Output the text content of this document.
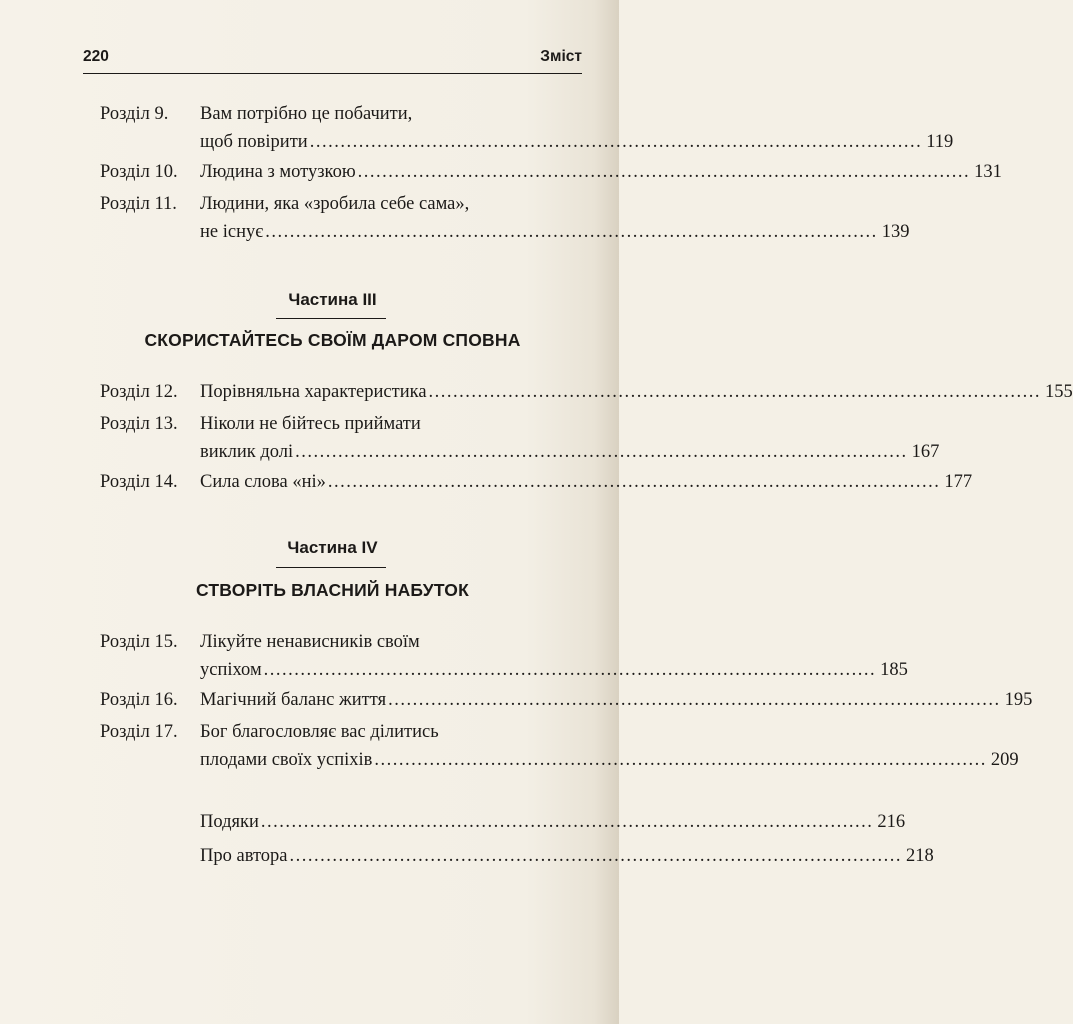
220	Зміст
Розділ 9. Вам потрібно це побачити,
щоб повірити .................................................................................................... 119
Розділ 10. Людина з мотузкою .................................................................................................... 131
Розділ 11. Людини, яка «зробила себе сама»,
не існує .................................................................................................... 139
Частина III
СКОРИСТАЙТЕСЬ СВОЇМ ДАРОМ СПОВНА
Розділ 12. Порівняльна характеристика .................................................................................................... 155
Розділ 13. Ніколи не бійтесь приймати
виклик долі .................................................................................................... 167
Розділ 14. Сила слова «ні» .................................................................................................... 177
Частина IV
СТВОРІТЬ ВЛАСНИЙ НАБУТОК
Розділ 15. Лікуйте ненависників своїм
успіхом .................................................................................................... 185
Розділ 16. Магічний баланс життя .................................................................................................... 195
Розділ 17. Бог благословляє вас ділитись
плодами своїх успіхів .................................................................................................... 209
Подяки .................................................................................................... 216
Про автора .................................................................................................... 218
